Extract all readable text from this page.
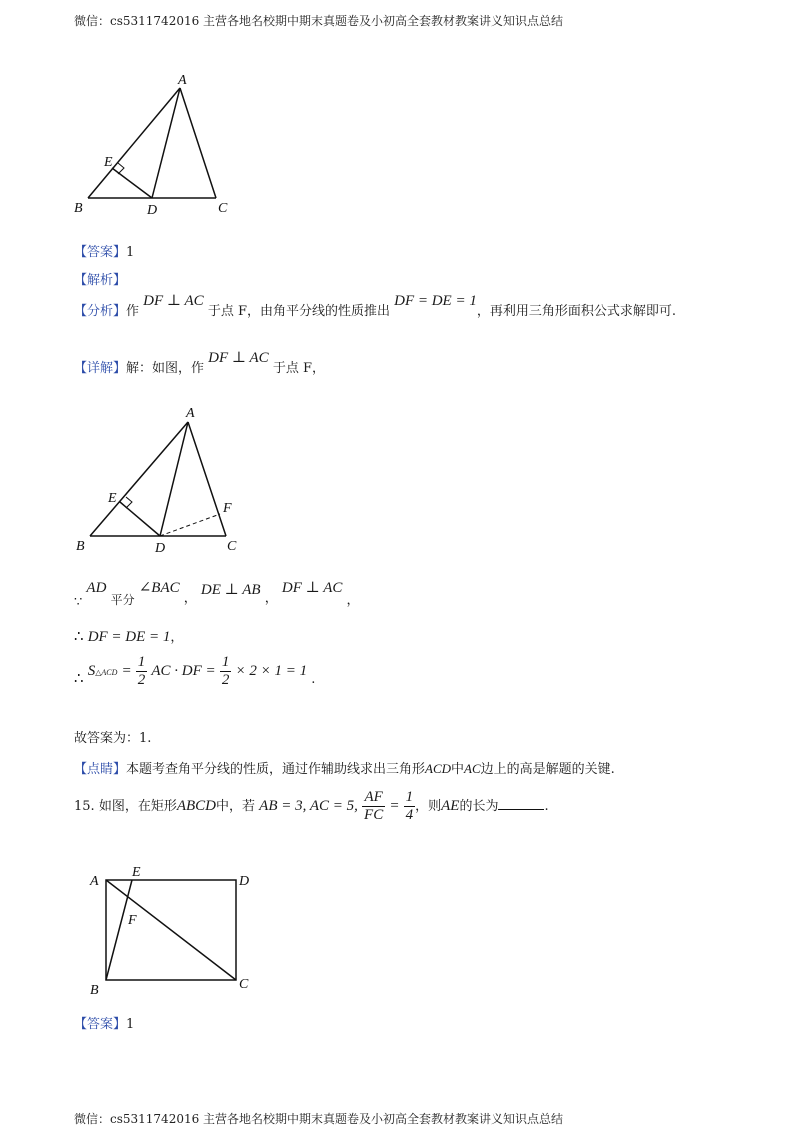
微信：cs5311742016 主营各地名校期中期末真题卷及小初高全套教材教案讲义知识点总结
A
E
B	D	C
【答案】1
【解析】
【分析】作 DF ⊥ AC 于点 F，由角平分线的性质推出 DF = DE = 1，再利用三角形面积公式求解即可.
【详解】解：如图，作 DF ⊥ AC 于点 F，
A
E
F
B	D	C
∵ AD 平分 ∠BAC ， DE ⊥ AB ， DF ⊥ AC ，
∴ DF = DE = 1，
∴ S△ACD = $\frac{1}{2}$ AC · DF = $\frac{1}{2} \times 2 \times 1 = 1$ .
故答案为：1.
【点睛】本题考查角平分线的性质，通过作辅助线求出三角形ACD中AC边上的高是解题的关键.
15. 如图，在矩形ABCD中，若 AB = 3, AC = 5, $\frac{AF}{FC} = \frac{1}{4}$ ，则AE的长为	.
A
E
D
F
B	C
【答案】1
微信：cs5311742016 主营各地名校期中期末真题卷及小初高全套教材教案讲义知识点总结
